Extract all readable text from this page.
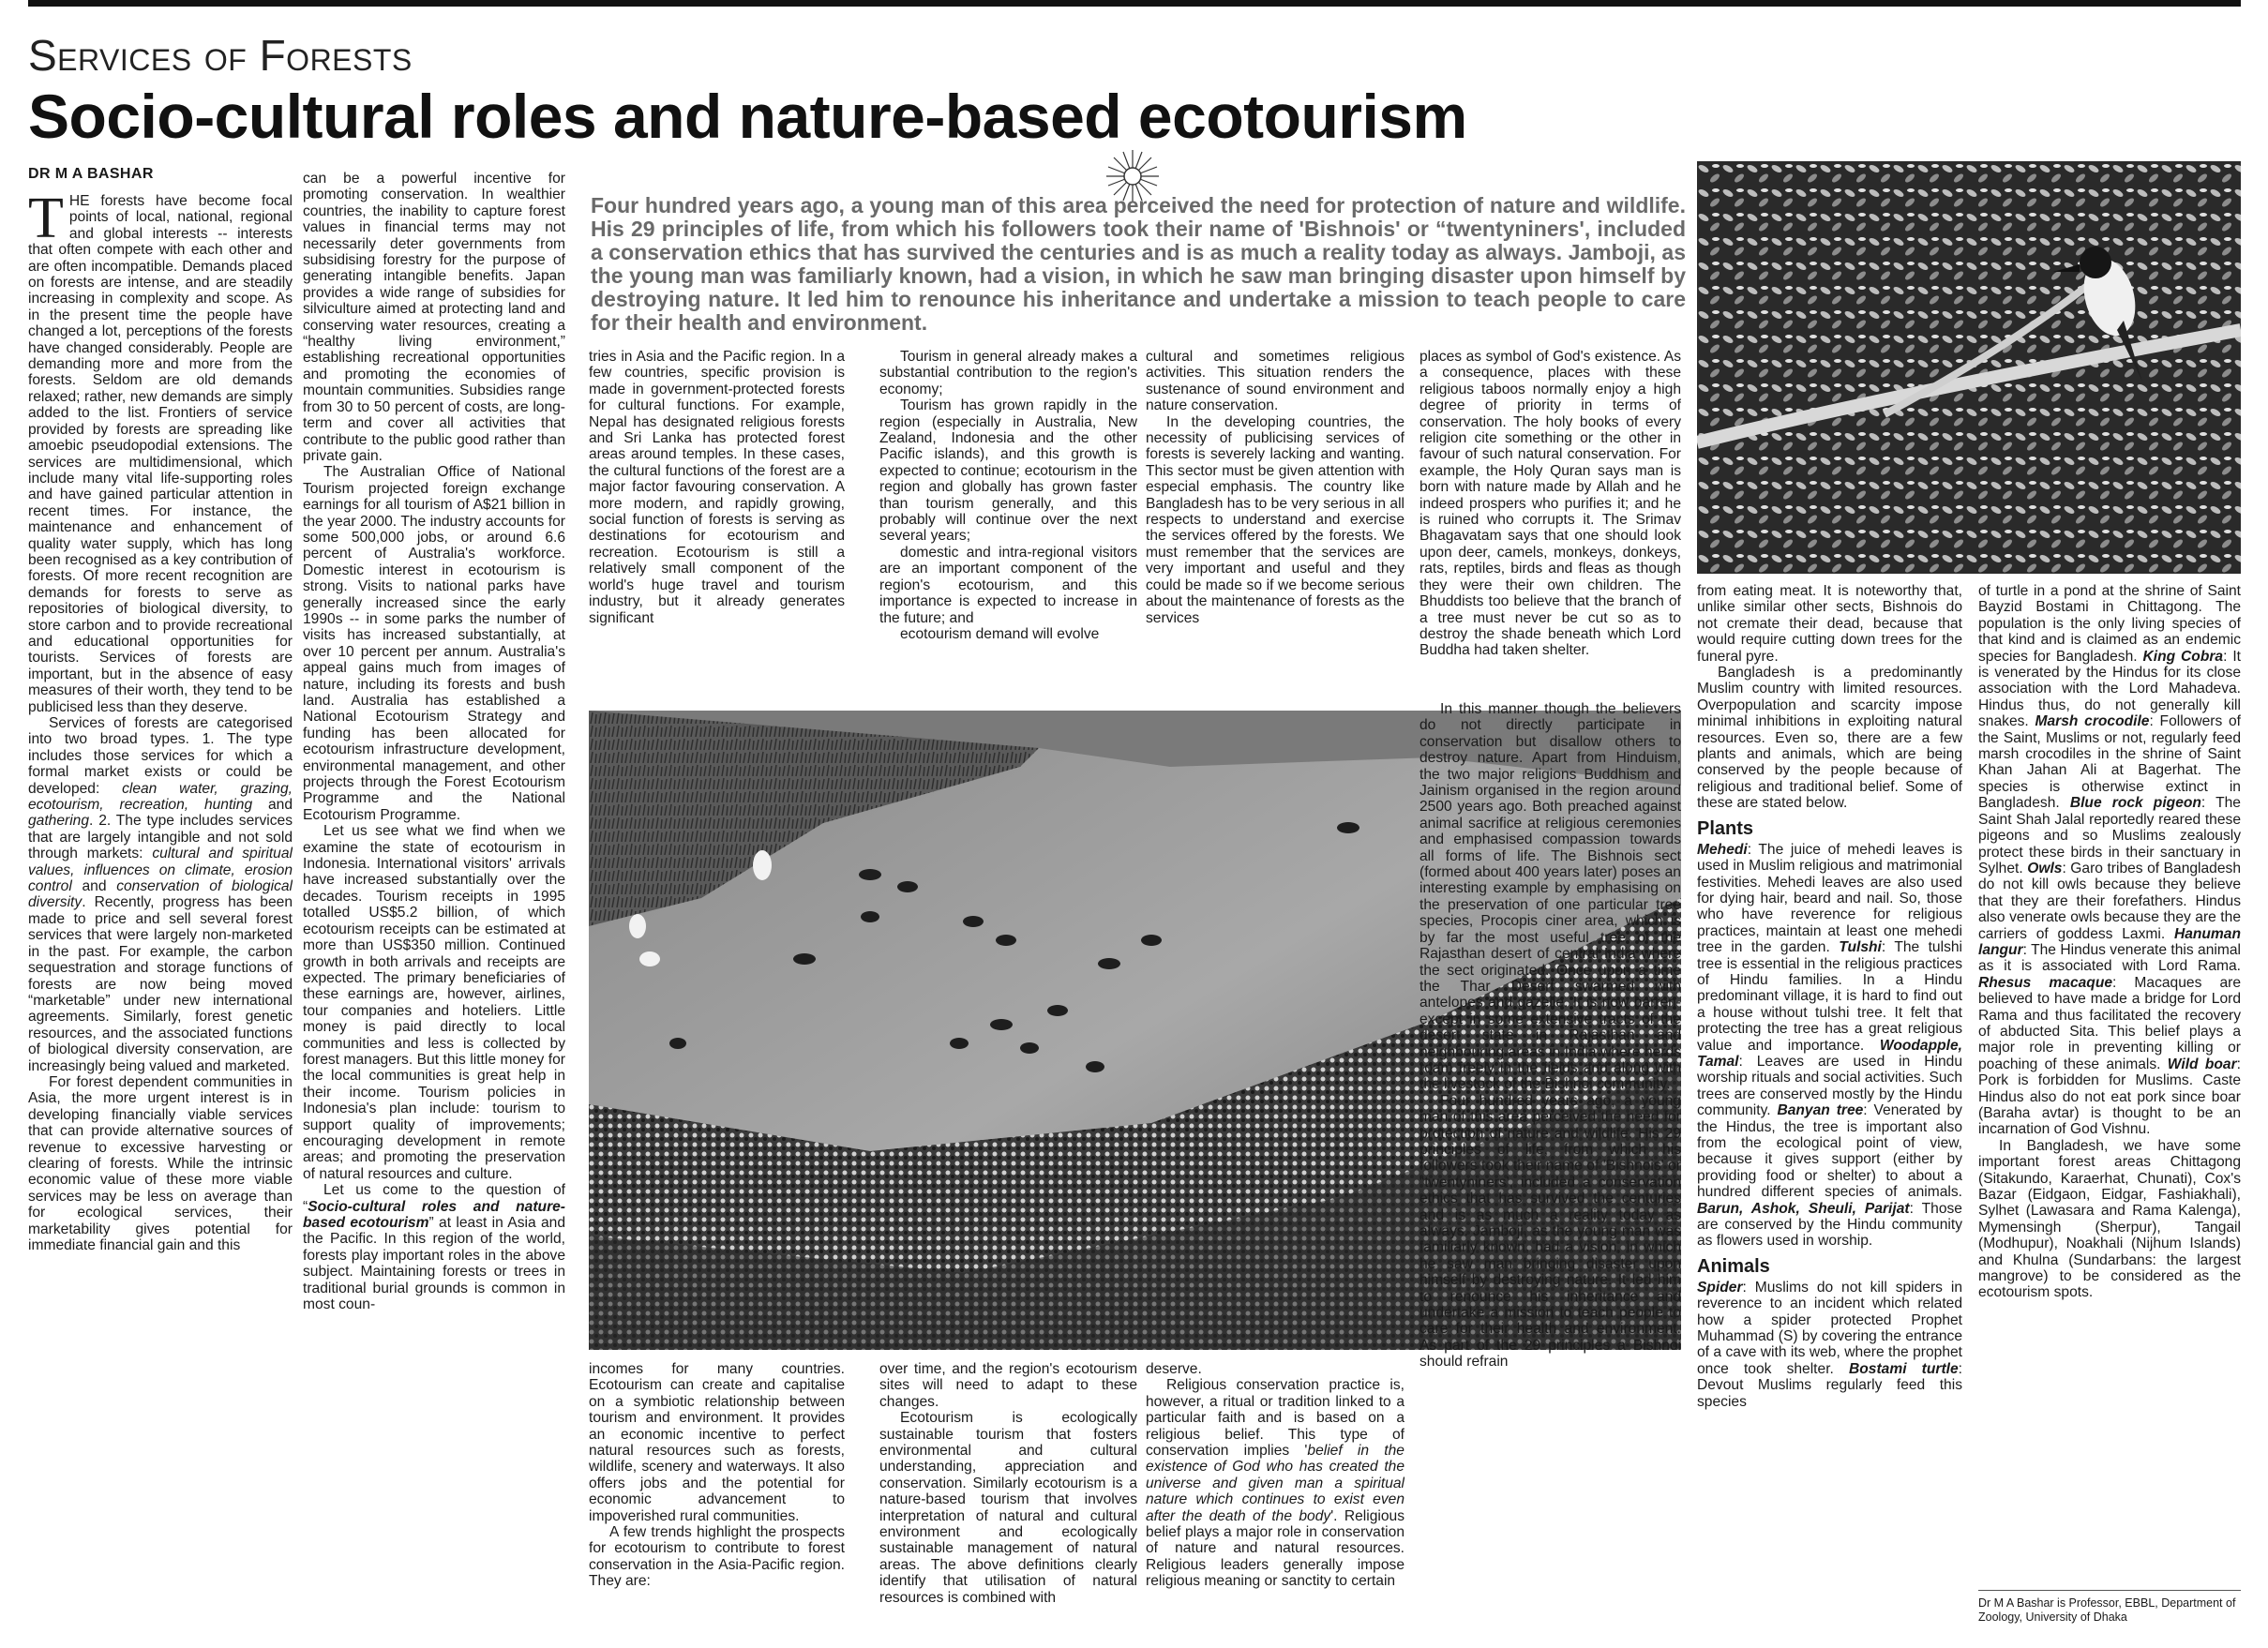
Services of Forests
Socio-cultural roles and nature-based ecotourism
DR M A BASHAR
Four hundred years ago, a young man of this area perceived the need for protection of nature and wildlife. His 29 principles of life, from which his followers took their name of 'Bishnois' or “twentyniners', included a conservation ethics that has survived the centuries and is as much a reality today as always. Jamboji, as the young man was familiarly known, had a vision, in which he saw man bringing disaster upon himself by destroying nature. It led him to renounce his inheritance and undertake a mission to teach people to care for their health and environment.

THE forests have become focal points of local, national, regional and global interests -- interests that often compete with each other and are often incompatible. Demands placed on forests are intense, and are steadily increasing in complexity and scope. As in the present time the people have changed a lot, perceptions of the forests have changed considerably. People are demanding more and more from the forests. Seldom are old demands relaxed; rather, new demands are simply added to the list. Frontiers of service provided by forests are spreading like amoebic pseudopodial extensions. The services are multidimensional, which include many vital life-supporting roles and have gained particular attention in recent times. For instance, the maintenance and enhancement of quality water supply, which has long been recognised as a key contribution of forests. Of more recent recognition are demands for forests to serve as repositories of biological diversity, to store carbon and to provide recreational and educational opportunities for tourists. Services of forests are important, but in the absence of easy measures of their worth, they tend to be publicised less than they deserve.

Services of forests are categorised into two broad types. 1. The type includes those services for which a formal market exists or could be developed: clean water, grazing, ecotourism, recreation, hunting and gathering. 2. The type includes services that are largely intangible and not sold through markets: cultural and spiritual values, influences on climate, erosion control and conservation of biological diversity. Recently, progress has been made to price and sell several forest services that were largely non-marketed in the past. For example, the carbon sequestration and storage functions of forests are now being moved “marketable” under new international agreements. Similarly, forest genetic resources, and the associated functions of biological diversity conservation, are increasingly being valued and marketed.

For forest dependent communities in Asia, the more urgent interest is in developing financially viable services that can provide alternative sources of revenue to excessive harvesting or clearing of forests. While the intrinsic economic value of these more viable services may be less on average than for ecological services, their marketability gives potential for immediate financial gain and this

can be a powerful incentive for promoting conservation. In wealthier countries, the inability to capture forest values in financial terms may not necessarily deter governments from subsidising forestry for the purpose of generating intangible benefits. Japan provides a wide range of subsidies for silviculture aimed at protecting land and conserving water resources, creating a “healthy living environment,” establishing recreational opportunities and promoting the economies of mountain communities. Subsidies range from 30 to 50 percent of costs, are long-term and cover all activities that contribute to the public good rather than private gain.

The Australian Office of National Tourism projected foreign exchange earnings for all tourism of A$21 billion in the year 2000. The industry accounts for some 500,000 jobs, or around 6.6 percent of Australia's workforce. Domestic interest in ecotourism is strong. Visits to national parks have generally increased since the early 1990s -- in some parks the number of visits has increased substantially, at over 10 percent per annum. Australia's appeal gains much from images of nature, including its forests and bush land. Australia has established a National Ecotourism Strategy and funding has been allocated for ecotourism infrastructure development, environmental management, and other projects through the Forest Ecotourism Programme and the National Ecotourism Programme.

Let us see what we find when we examine the state of ecotourism in Indonesia. International visitors' arrivals have increased substantially over the decades. Tourism receipts in 1995 totalled US$5.2 billion, of which ecotourism receipts can be estimated at more than US$350 million. Continued growth in both arrivals and receipts are expected. The primary beneficiaries of these earnings are, however, airlines, tour companies and hoteliers. Little money is paid directly to local communities and less is collected by forest managers. But this little money for the local communities is great help in their income. Tourism policies in Indonesia's plan include: tourism to support quality of improvements; encouraging development in remote areas; and promoting the preservation of natural resources and culture.

Let us come to the question of “Socio-cultural roles and nature-based ecotourism” at least in Asia and the Pacific. In this region of the world, forests play important roles in the above subject. Maintaining forests or trees in traditional burial grounds is common in most coun-

tries in Asia and the Pacific region. In a few countries, specific provision is made in government-protected forests for cultural functions. For example, Nepal has designated religious forests and Sri Lanka has protected forest areas around temples. In these cases, the cultural functions of the forest are a major factor favouring conservation. A more modern, and rapidly growing, social function of forests is serving as destinations for ecotourism and recreation. Ecotourism is still a relatively small component of the world's huge travel and tourism industry, but it already generates significant

Tourism in general already makes a substantial contribution to the region's economy;

Tourism has grown rapidly in the region (especially in Australia, New Zealand, Indonesia and the other Pacific islands), and this growth is expected to continue; ecotourism in the region and globally has grown faster than tourism generally, and this probably will continue over the next several years;

domestic and intra-regional visitors are an important component of the region's ecotourism, and this importance is expected to increase in the future; and

ecotourism demand will evolve

cultural and sometimes religious activities. This situation renders the sustenance of sound environment and nature conservation.

In the developing countries, the necessity of publicising services of forests is severely lacking and wanting. This sector must be given attention with especial emphasis. The country like Bangladesh has to be very serious in all respects to understand and exercise the services offered by the forests. We must remember that the services are very important and useful and they could be made so if we become serious about the maintenance of forests as the services

places as symbol of God's existence. As a consequence, places with these religious taboos normally enjoy a high degree of priority in terms of conservation. The holy books of every religion cite something or the other in favour of such natural conservation. For example, the Holy Quran says man is born with nature made by Allah and he indeed prospers who purifies it; and he is ruined who corrupts it. The Srimav Bhagavatam says that one should look upon deer, camels, monkeys, donkeys, rats, reptiles, birds and fleas as though they were their own children. The Bhuddists too believe that the branch of a tree must never be cut so as to destroy the shade beneath which Lord Buddha had taken shelter.

incomes for many countries. Ecotourism can create and capitalise on a symbiotic relationship between tourism and environment. It provides an economic incentive to perfect natural resources such as forests, wildlife, scenery and waterways. It also offers jobs and the potential for economic advancement to impoverished rural communities.

A few trends highlight the prospects for ecotourism to contribute to forest conservation in the Asia-Pacific region. They are:

over time, and the region's ecotourism sites will need to adapt to these changes.

Ecotourism is ecologically sustainable tourism that fosters environmental and cultural understanding, appreciation and conservation. Similarly ecotourism is a nature-based tourism that involves interpretation of natural and cultural environment and ecologically sustainable management of natural areas. The above definitions clearly identify that utilisation of natural resources is combined with

deserve.

Religious conservation practice is, however, a ritual or tradition linked to a particular faith and is based on a religious belief. This type of conservation implies 'belief in the existence of God who has created the universe and given man a spiritual nature which continues to exist even after the death of the body'. Religious belief plays a major role in conservation of nature and natural resources. Religious leaders generally impose religious meaning or sanctity to certain

In this manner though the believers do not directly participate in conservation but disallow others to destroy nature. Apart from Hinduism, the two major religions Buddhism and Jainism organised in the region around 2500 years ago. Both preached against animal sacrifice at religious ceremonies and emphasised compassion towards all forms of life. The Bishnois sect (formed about 400 years later) poses an interesting example by emphasising on the preservation of one particular tree species, Procopis ciner area, which is by far the most useful tree of the Rajasthan desert of central India where the sect originated. Once upon a time the Thar Desert swarmed with antelopes and gazelle. It is now barren-except in some extensive tracts of the desert state in Rajasthan and neighbouring areas in India where herds roam freely in the fields and along with the livestock of the Bishnoi community.

Four hundred years ago, a young man of this area perceived the need for protection of nature and wildlife. His 29 principles of life, from which his followers took their name of 'Bishnois' or “twentyniners', included a conservation ethics that has survived the centuries and is as much a reality today as always. Jamboji, as the young man was familiarly known, had a vision, in which he saw man bringing disaster upon himself by destroying nature. It led him to renounce his inheritance and undertake a mission to teach people to care for their health and environment. As part of the 29 principles a Bishnoi should refrain

from eating meat. It is noteworthy that, unlike similar other sects, Bishnois do not cremate their dead, because that would require cutting down trees for the funeral pyre.

Bangladesh is a predominantly Muslim country with limited resources. Overpopulation and scarcity impose minimal inhibitions in exploiting natural resources. Even so, there are a few plants and animals, which are being conserved by the people because of religious and traditional belief. Some of these are stated below.

Plants

Mehedi: The juice of mehedi leaves is used in Muslim religious and matrimonial festivities. Mehedi leaves are also used for dying hair, beard and nail. So, those who have reverence for religious practices, maintain at least one mehedi tree in the garden. Tulshi: The tulshi tree is essential in the religious practices of Hindu families. In a Hindu predominant village, it is hard to find out a house without tulshi tree. It felt that protecting the tree has a great religious value and importance. Woodapple, Tamal: Leaves are used in Hindu worship rituals and social activities. Such trees are conserved mostly by the Hindu community. Banyan tree: Venerated by the Hindus, the tree is important also from the ecological point of view, because it gives support (either by providing food or shelter) to about a hundred different species of animals. Barun, Ashok, Sheuli, Parijat: Those are conserved by the Hindu community as flowers used in worship.

Animals

Spider: Muslims do not kill spiders in reverence to an incident which related how a spider protected Prophet Muhammad (S) by covering the entrance of a cave with its web, where the prophet once took shelter. Bostami turtle: Devout Muslims regularly feed this species

of turtle in a pond at the shrine of Saint Bayzid Bostami in Chittagong. The population is the only living species of that kind and is claimed as an endemic species for Bangladesh. King Cobra: It is venerated by the Hindus for its close association with the Lord Mahadeva. Hindus thus, do not generally kill snakes. Marsh crocodile: Followers of the Saint, Muslims or not, regularly feed marsh crocodiles in the shrine of Saint Khan Jahan Ali at Bagerhat. The species is otherwise extinct in Bangladesh. Blue rock pigeon: The Saint Shah Jalal reportedly reared these pigeons and so Muslims zealously protect these birds in their sanctuary in Sylhet. Owls: Garo tribes of Bangladesh do not kill owls because they believe that they are their forefathers. Hindus also venerate owls because they are the carriers of goddess Laxmi. Hanuman langur: The Hindus venerate this animal as it is associated with Lord Rama. Rhesus macaque: Macaques are believed to have made a bridge for Lord Rama and thus facilitated the recovery of abducted Sita. This belief plays a major role in preventing killing or poaching of these animals. Wild boar: Pork is forbidden for Muslims. Caste Hindus also do not eat pork since boar (Baraha avtar) is thought to be an incarnation of God Vishnu.

In Bangladesh, we have some important forest areas Chittagong (Sitakundo, Karaerhat, Chunati), Cox's Bazar (Eidgaon, Eidgar, Fashiakhali), Sylhet (Lawasara and Rama Kalenga), Mymensingh (Sherpur), Tangail (Modhupur), Noakhali (Nijhum Islands) and Khulna (Sundarbans: the largest mangrove) to be considered as the ecotourism spots.

Dr M A Bashar is Professor, EBBL, Department of Zoology, University of Dhaka
